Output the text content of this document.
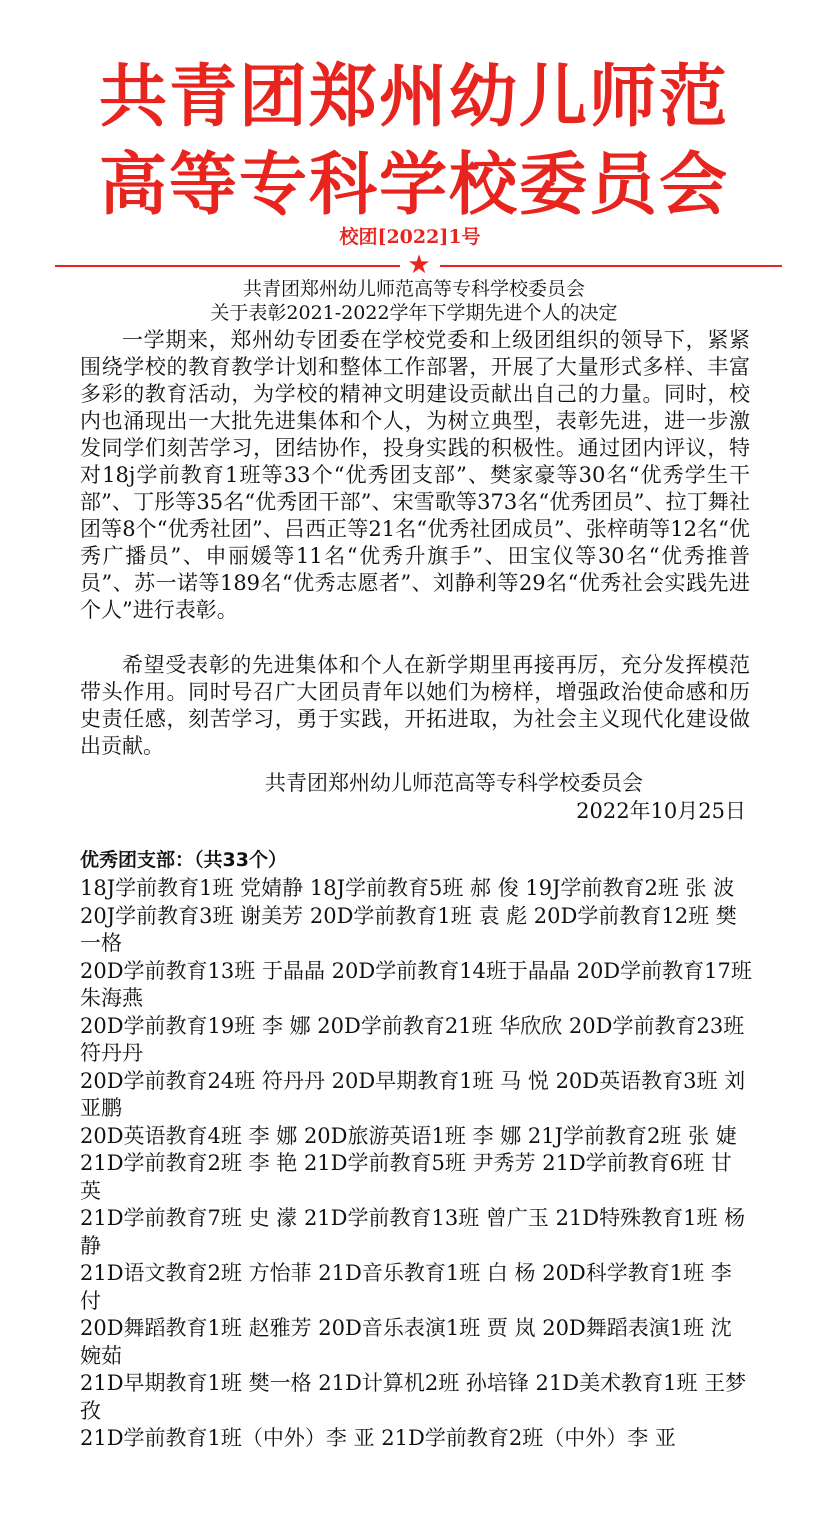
共青团郑州幼儿师范
高等专科学校委员会
校团[2022]1号
★
共青团郑州幼儿师范高等专科学校委员会
关于表彰2021-2022学年下学期先进个人的决定

一学期来，郑州幼专团委在学校党委和上级团组织的领导下，紧紧围绕学校的教育教学计划和整体工作部署，开展了大量形式多样、丰富多彩的教育活动，为学校的精神文明建设贡献出自己的力量。同时，校内也涌现出一大批先进集体和个人，为树立典型，表彰先进，进一步激发同学们刻苦学习，团结协作，投身实践的积极性。通过团内评议，特对18j学前教育1班等33个“优秀团支部”、樊家豪等30名“优秀学生干部”、丁彤等35名“优秀团干部”、宋雪歌等373名“优秀团员”、拉丁舞社团等8个“优秀社团”、吕西正等21名“优秀社团成员”、张梓萌等12名“优秀广播员”、申丽媛等11名“优秀升旗手”、田宝仪等30名“优秀推普员”、苏一诺等189名“优秀志愿者”、刘静利等29名“优秀社会实践先进个人”进行表彰。

希望受表彰的先进集体和个人在新学期里再接再厉，充分发挥模范带头作用。同时号召广大团员青年以她们为榜样，增强政治使命感和历史责任感，刻苦学习，勇于实践，开拓进取，为社会主义现代化建设做出贡献。

共青团郑州幼儿师范高等专科学校委员会
2022年10月25日
优秀团支部：（共33个）
18J学前教育1班 党婧静 18J学前教育5班 郝 俊 19J学前教育2班 张 波
20J学前教育3班 谢美芳 20D学前教育1班 袁 彪 20D学前教育12班 樊一格
20D学前教育13班 于晶晶 20D学前教育14班于晶晶 20D学前教育17班 朱海燕
20D学前教育19班 李 娜 20D学前教育21班 华欣欣 20D学前教育23班 符丹丹
20D学前教育24班 符丹丹 20D早期教育1班 马 悦 20D英语教育3班 刘亚鹏
20D英语教育4班 李 娜 20D旅游英语1班 李 娜 21J学前教育2班 张 婕
21D学前教育2班 李 艳 21D学前教育5班 尹秀芳 21D学前教育6班 甘 英
21D学前教育7班 史 濛 21D学前教育13班 曾广玉 21D特殊教育1班 杨 静
21D语文教育2班 方怡菲 21D音乐教育1班 白 杨 20D科学教育1班 李 付
20D舞蹈教育1班 赵雅芳 20D音乐表演1班 贾 岚 20D舞蹈表演1班 沈婉茹
21D早期教育1班 樊一格 21D计算机2班 孙培锋 21D美术教育1班 王梦孜
21D学前教育1班（中外）李 亚 21D学前教育2班（中外）李 亚
